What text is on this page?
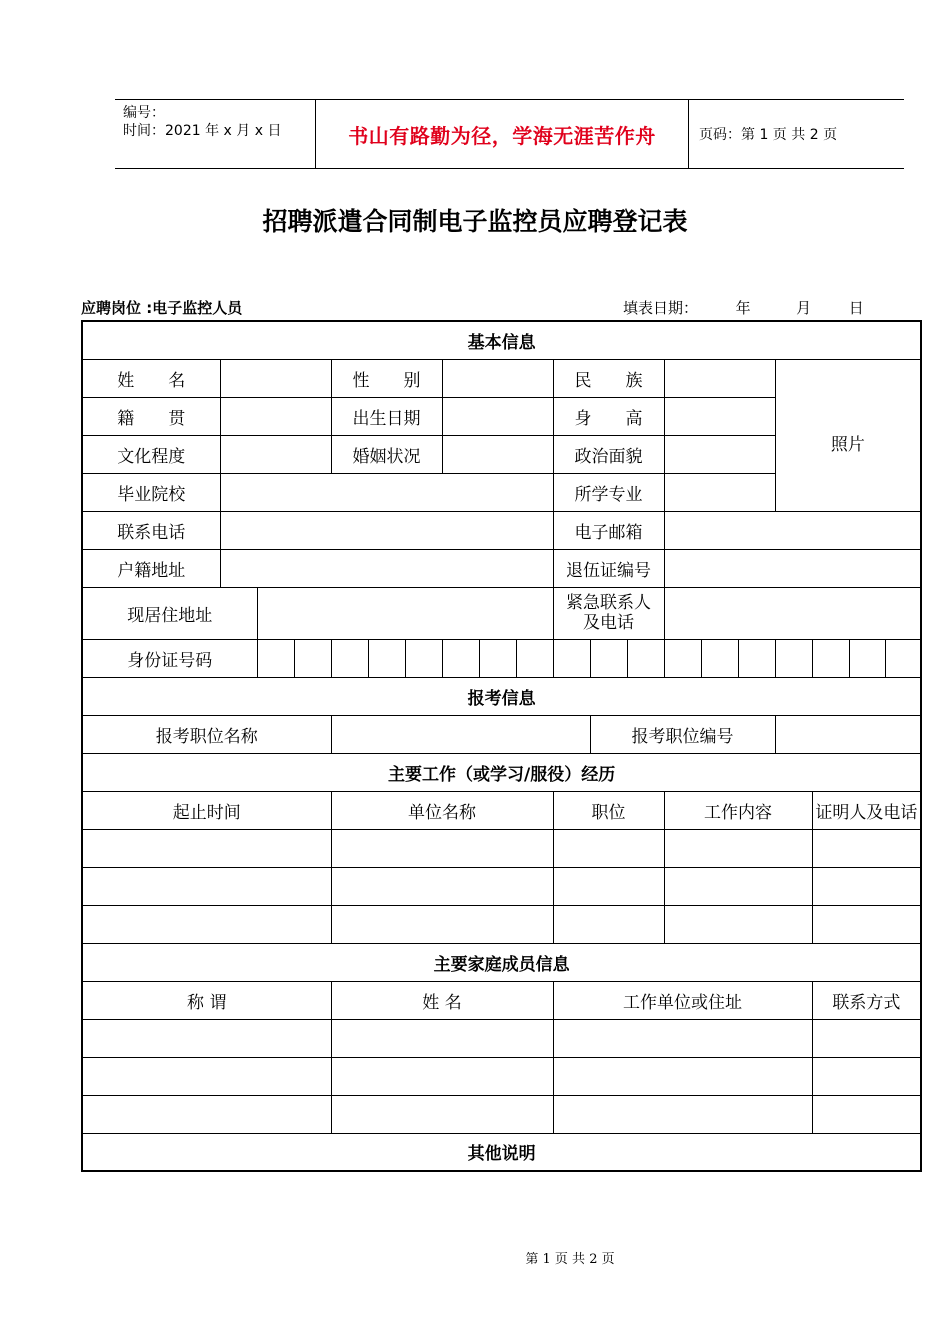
编号：
时间：2021 年 x 月 x 日	书山有路勤为径，学海无涯苦作舟	页码：第 1 页 共 2 页
招聘派遣合同制电子监控员应聘登记表
应聘岗位 :电子监控人员	填表日期：	年	月	日
基本信息																			
姓　　名				性　　别						民　　族						照片			
籍　　贯				出生日期						身　　高									
文化程度				婚姻状况						政治面貌									
毕业院校										所学专业									
联系电话										电子邮箱									
户籍地址										退伍证编号									
现居住地址										紧急联系人
及电话									
身份证号码																			
报考信息																			
报考职位名称											报考职位编号								
主要工作（或学习/服役）经历																			
起止时间				单位名称						职位			工作内容				证明人及电话		

主要家庭成员信息																			
称 谓				姓 名						工作单位或住址							联系方式		

其他说明																			
第 1 页 共 2 页
